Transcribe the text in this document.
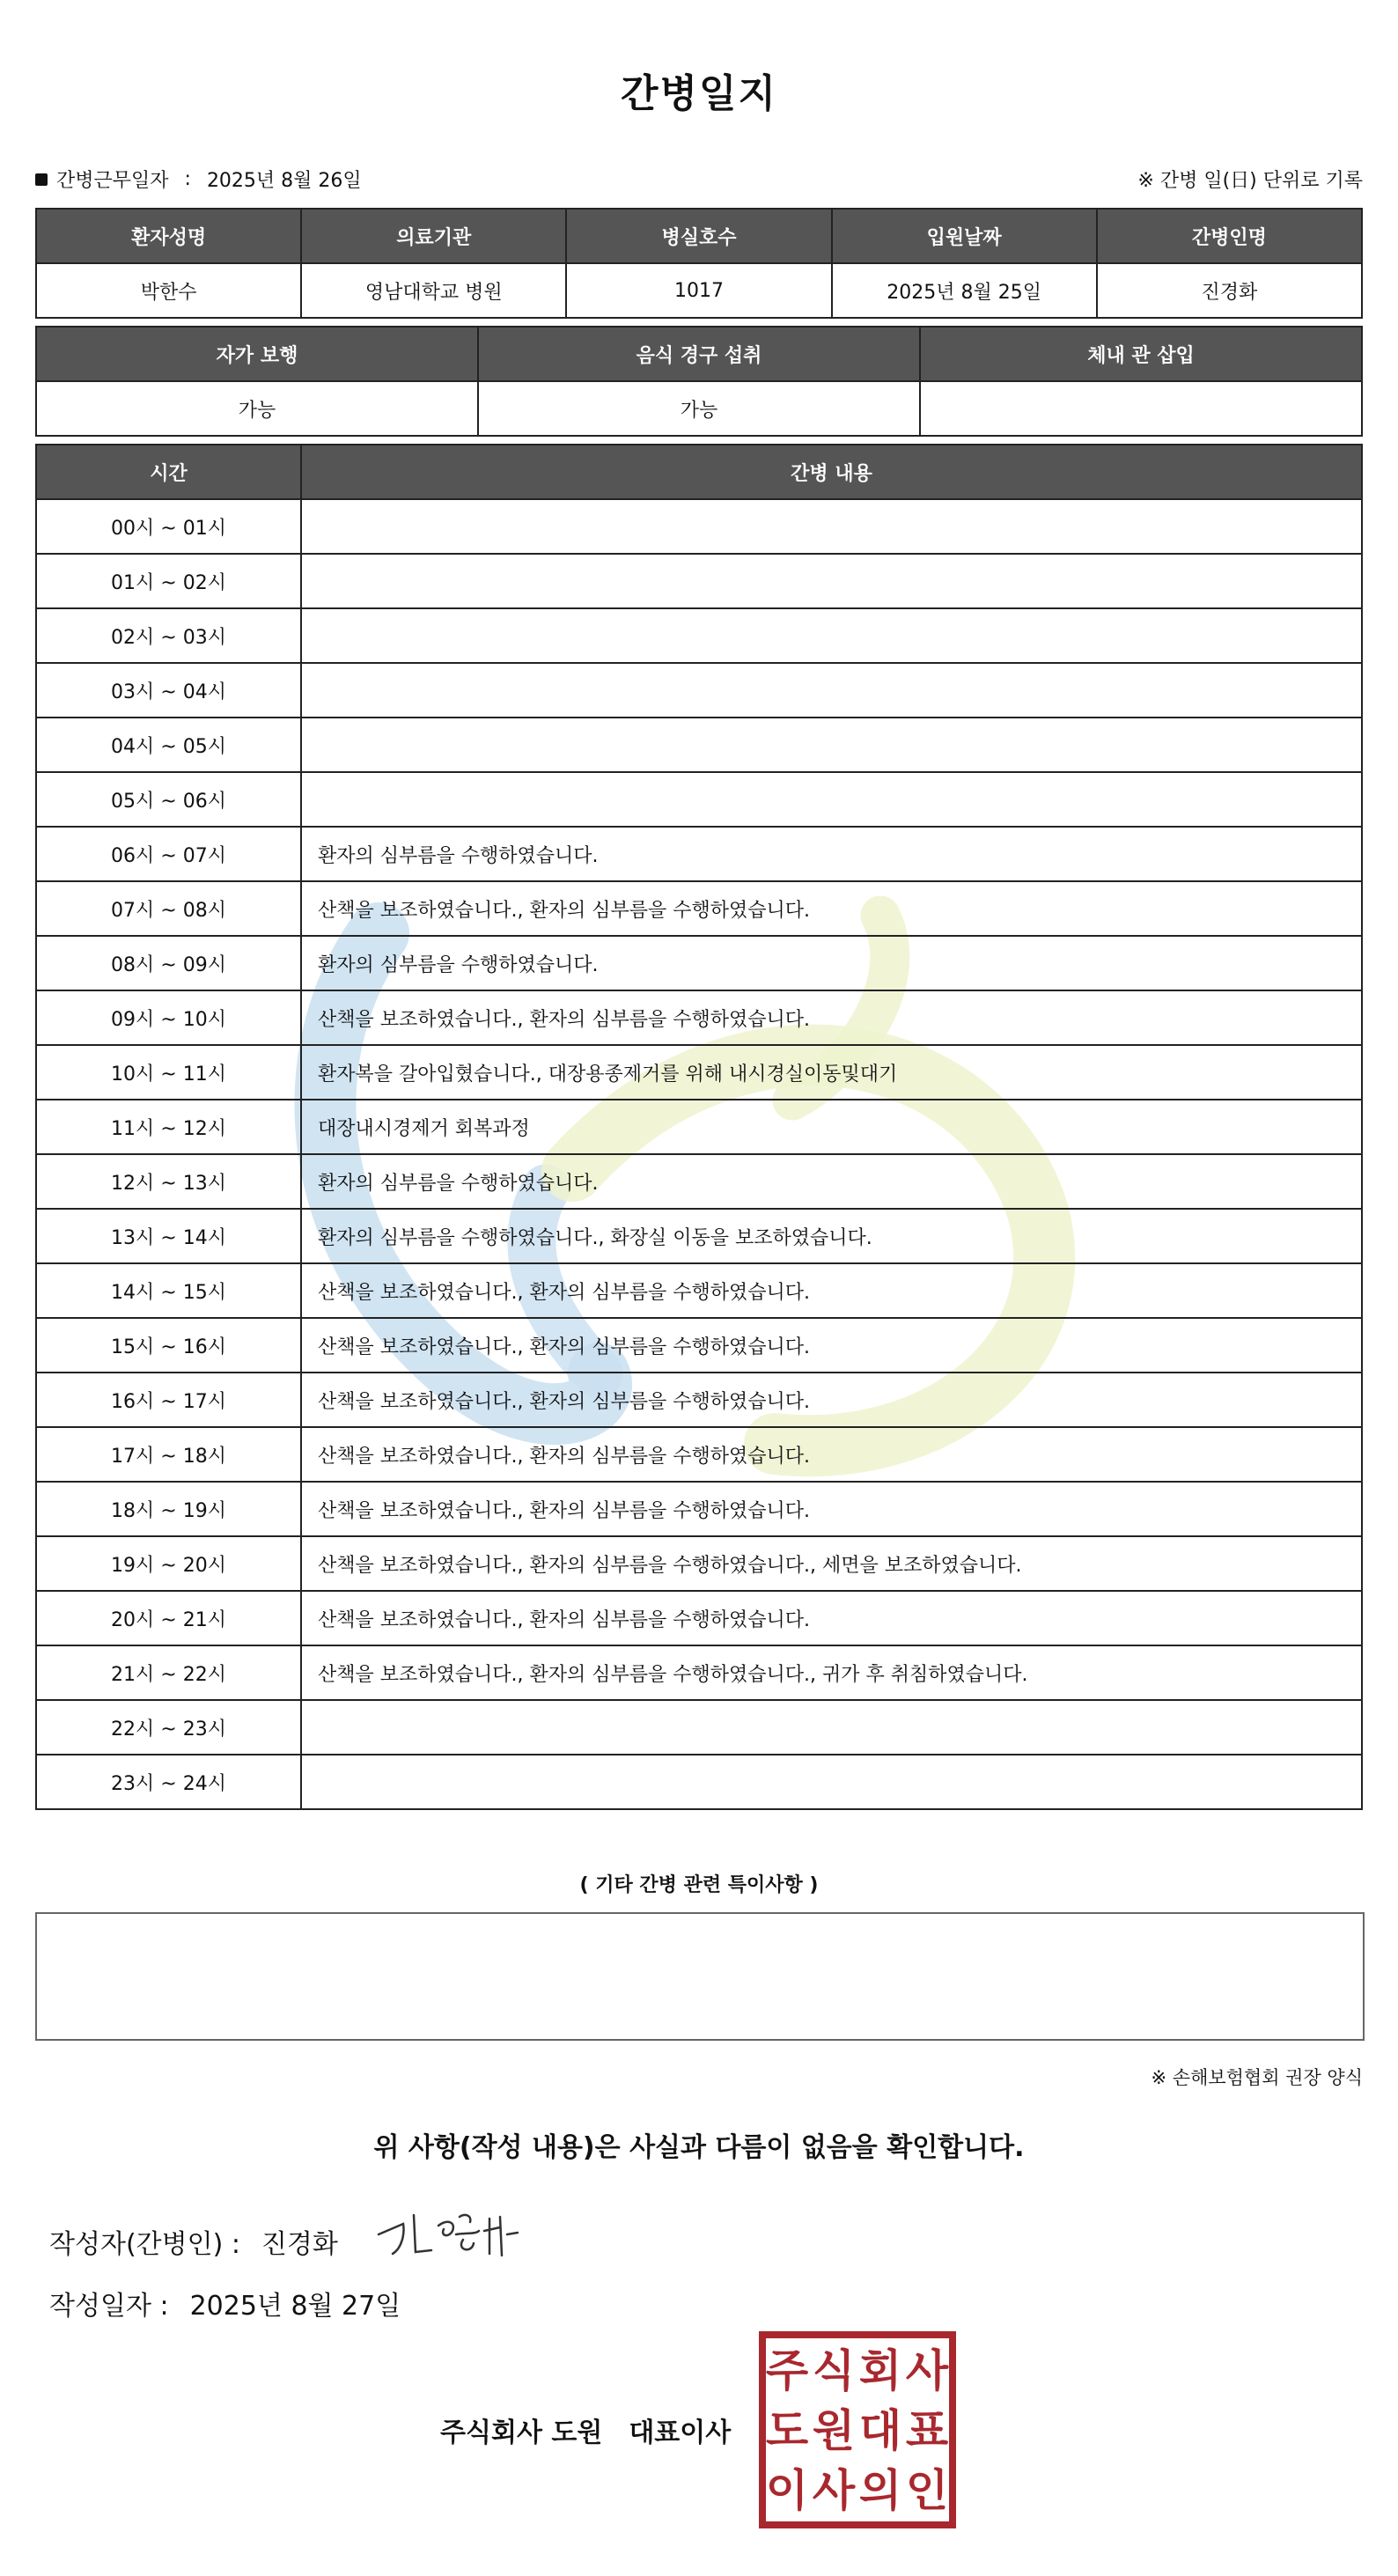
간병일지
간병근무일자 : 2025년 8월 26일	※ 간병 일(日) 단위로 기록
환자성명	의료기관	병실호수	입원날짜	간병인명
박한수	영남대학교 병원	1017	2025년 8월 25일	진경화
자가 보행	음식 경구 섭취	체내 관 삽입
가능	가능	
시간	간병 내용
00시 ~ 01시	
01시 ~ 02시	
02시 ~ 03시	
03시 ~ 04시	
04시 ~ 05시	
05시 ~ 06시	
06시 ~ 07시	환자의 심부름을 수행하였습니다.
07시 ~ 08시	산책을 보조하였습니다., 환자의 심부름을 수행하였습니다.
08시 ~ 09시	환자의 심부름을 수행하였습니다.
09시 ~ 10시	산책을 보조하였습니다., 환자의 심부름을 수행하였습니다.
10시 ~ 11시	환자복을 갈아입혔습니다., 대장용종제거를 위해 내시경실이동및대기
11시 ~ 12시	대장내시경제거 회복과정
12시 ~ 13시	환자의 심부름을 수행하였습니다.
13시 ~ 14시	환자의 심부름을 수행하였습니다., 화장실 이동을 보조하였습니다.
14시 ~ 15시	산책을 보조하였습니다., 환자의 심부름을 수행하였습니다.
15시 ~ 16시	산책을 보조하였습니다., 환자의 심부름을 수행하였습니다.
16시 ~ 17시	산책을 보조하였습니다., 환자의 심부름을 수행하였습니다.
17시 ~ 18시	산책을 보조하였습니다., 환자의 심부름을 수행하였습니다.
18시 ~ 19시	산책을 보조하였습니다., 환자의 심부름을 수행하였습니다.
19시 ~ 20시	산책을 보조하였습니다., 환자의 심부름을 수행하였습니다., 세면을 보조하였습니다.
20시 ~ 21시	산책을 보조하였습니다., 환자의 심부름을 수행하였습니다.
21시 ~ 22시	산책을 보조하였습니다., 환자의 심부름을 수행하였습니다., 귀가 후 취침하였습니다.
22시 ~ 23시	
23시 ~ 24시	
( 기타 간병 관련 특이사항 )
※ 손해보험협회 권장 양식
위 사항(작성 내용)은 사실과 다름이 없음을 확인합니다.
작성자(간병인) : 진경화
작성일자 : 2025년 8월 27일
주식회사 도원 대표이사
주 식 회 사
도 원 대 표
이 사 의 인
